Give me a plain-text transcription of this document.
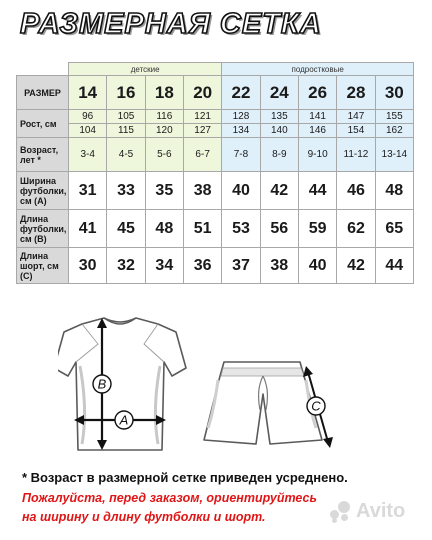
РАЗМЕРНАЯ СЕТКА
	детские				подростковые				
РАЗМЕР	14	16	18	20	22	24	26	28	30
Рост, см	96	105	116	121	128	135	141	147	155
	104	115	120	127	134	140	146	154	162
Возраст, лет *	3-4	4-5	5-6	6-7	7-8	8-9	9-10	11-12	13-14
Ширина футболки, см (А)	31	33	35	38	40	42	44	46	48
Длина футболки, см (В)	41	45	48	51	53	56	59	62	65
Длина шорт, см (С)	30	32	34	36	37	38	40	42	44
B
A
C
* Возраст в размерной сетке приведен усреднено.
Пожалуйста, перед заказом, ориентируйтесь
на ширину и длину футболки и шорт.	Avito
